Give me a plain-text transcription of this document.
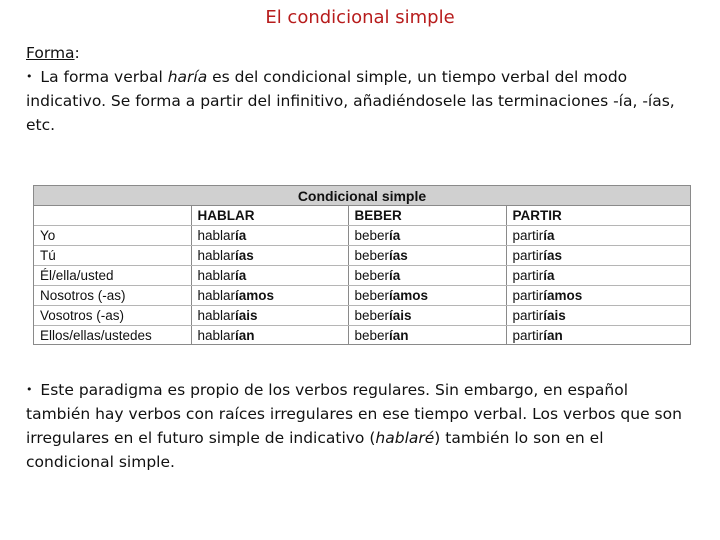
El condicional simple
Forma:
• La forma verbal haría es del condicional simple, un tiempo verbal del modo indicativo. Se forma a partir del infinitivo, añadiéndosele las terminaciones -ía, -ías, etc.
Condicional simple			
	HABLAR	BEBER	PARTIR
Yo	hablaría	bebería	partiría
Tú	hablarías	beberías	partirías
Él/ella/usted	hablaría	bebería	partiría
Nosotros (-as)	hablaríamos	beberíamos	partiríamos
Vosotros (-as)	hablaríais	beberíais	partiríais
Ellos/ellas/ustedes	hablarían	beberían	partirían
• Este paradigma es propio de los verbos regulares. Sin embargo, en español también hay verbos con raíces irregulares en ese tiempo verbal. Los verbos que son irregulares en el futuro simple de indicativo (hablaré) también lo son en el condicional simple.
